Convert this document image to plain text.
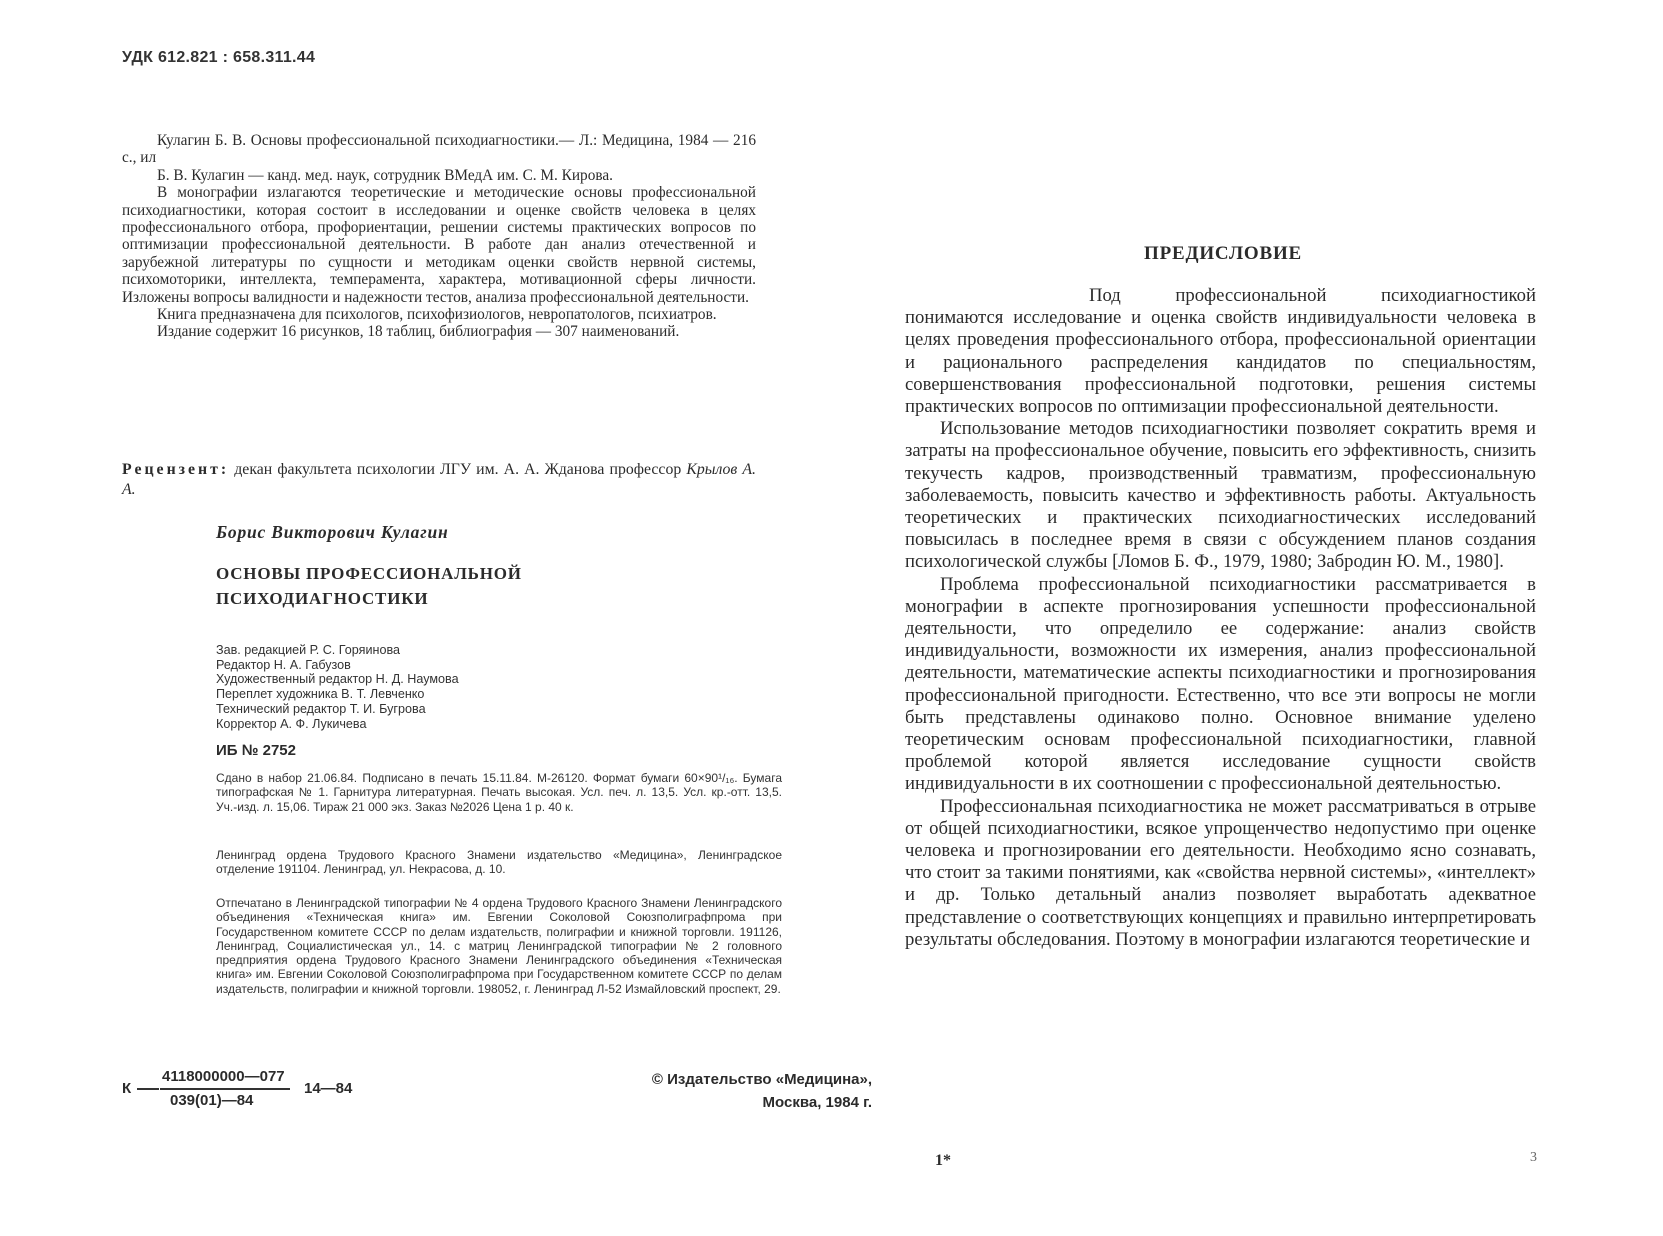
УДК 612.821 : 658.311.44

Кулагин Б. В. Основы профессиональной психодиагностики.— Л.: Медицина, 1984 — 216 с., ил

Б. В. Кулагин — канд. мед. наук, сотрудник ВМедА им. С. М. Кирова.

В монографии излагаются теоретические и методические основы профессиональной психодиагностики, которая состоит в исследовании и оценке свойств человека в целях профессионального отбора, профориентации, решении системы практических вопросов по оптимизации профессиональной деятельности. В работе дан анализ отечественной и зарубежной литературы по сущности и методикам оценки свойств нервной системы, психомоторики, интеллекта, темперамента, характера, мотивационной сферы личности. Изложены вопросы валидности и надежности тестов, анализа профессиональной деятельности.

Книга предназначена для психологов, психофизиологов, невропатологов, психиатров.

Издание содержит 16 рисунков, 18 таблиц, библиография — 307 наименований.

Рецензент: декан факультета психологии ЛГУ им. А. А. Жданова профессор Крылов А. А.
Борис Викторович Кулагин
ОСНОВЫ ПРОФЕССИОНАЛЬНОЙ
ПСИХОДИАГНОСТИКИ
Зав. редакцией Р. С. Горяинова
Редактор Н. А. Габузов
Художественный редактор Н. Д. Наумова
Переплет художника В. Т. Левченко
Технический редактор Т. И. Бугрова
Корректор А. Ф. Лукичева
ИБ № 2752

Сдано в набор 21.06.84. Подписано в печать 15.11.84. М-26120. Формат бумаги 60×90¹/₁₆. Бумага типографская № 1. Гарнитура литературная. Печать высокая. Усл. печ. л. 13,5. Усл. кр.-отт. 13,5. Уч.-изд. л. 15,06. Тираж 21 000 экз. Заказ №2026 Цена 1 р. 40 к.

Ленинград ордена Трудового Красного Знамени издательство «Медицина», Ленинградское отделение 191104. Ленинград, ул. Некрасова, д. 10.

Отпечатано в Ленинградской типографии № 4 ордена Трудового Красного Знамени Ленинградского объединения «Техническая книга» им. Евгении Соколовой Союзполиграфпрома при Государственном комитете СССР по делам издательств, полиграфии и книжной торговли. 191126, Ленинград, Социалистическая ул., 14. с матриц Ленинградской типографии № 2 головного предприятия ордена Трудового Красного Знамени Ленинградского объединения «Техническая книга» им. Евгении Соколовой Союзполиграфпрома при Государственном комитете СССР по делам издательств, полиграфии и книжной торговли. 198052, г. Ленинград Л-52 Измайловский проспект, 29.

К
4118000000—077
039(01)—84
14—84
© Издательство «Медицина»,
Москва, 1984 г.
ПРЕДИСЛОВИЕ

Под профессиональной психодиагностикой понимаются исследование и оценка свойств индивидуальности человека в целях проведения профессионального отбора, профессиональной ориентации и рационального распределения кандидатов по специальностям, совершенствования профессиональной подготовки, решения системы практических вопросов по оптимизации профессиональной деятельности.

Использование методов психодиагностики позволяет сократить время и затраты на профессиональное обучение, повысить его эффективность, снизить текучесть кадров, производственный травматизм, профессиональную заболеваемость, повысить качество и эффективность работы. Актуальность теоретических и практических психодиагностических исследований повысилась в последнее время в связи с обсуждением планов создания психологической службы [Ломов Б. Ф., 1979, 1980; Забродин Ю. М., 1980].

Проблема профессиональной психодиагностики рассматривается в монографии в аспекте прогнозирования успешности профессиональной деятельности, что определило ее содержание: анализ свойств индивидуальности, возможности их измерения, анализ профессиональной деятельности, математические аспекты психодиагностики и прогнозирования профессиональной пригодности. Естественно, что все эти вопросы не могли быть представлены одинаково полно. Основное внимание уделено теоретическим основам профессиональной психодиагностики, главной проблемой которой является исследование сущности свойств индивидуальности в их соотношении с профессиональной деятельностью.

Профессиональная психодиагностика не может рассматриваться в отрыве от общей психодиагностики, всякое упрощенчество недопустимо при оценке человека и прогнозировании его деятельности. Необходимо ясно сознавать, что стоит за такими понятиями, как «свойства нервной системы», «интеллект» и др. Только детальный анализ позволяет выработать адекватное представление о соответствующих концепциях и правильно интерпретировать результаты обследования. Поэтому в монографии излагаются теоретические и

1*	3
